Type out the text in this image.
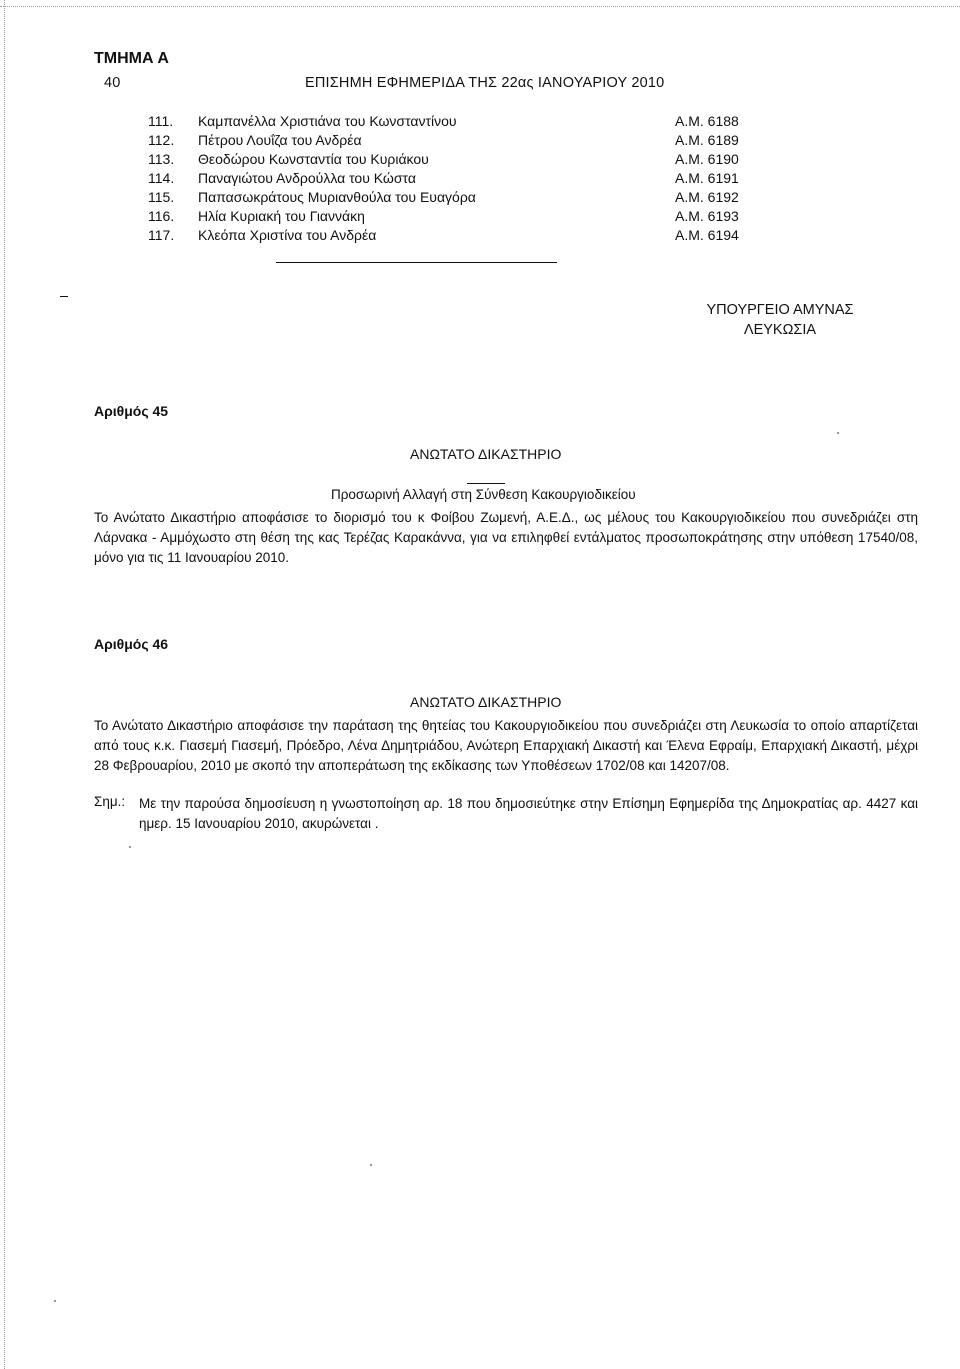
ΤΜΗΜΑ Α
40	ΕΠΙΣΗΜΗ ΕΦΗΜΕΡΙΔΑ ΤΗΣ 22ας ΙΑΝΟΥΑΡΙΟΥ 2010
111. Καμπανέλλα Χριστιάνα του Κωνσταντίνου	Α.Μ. 6188
112. Πέτρου Λουΐζα του Ανδρέα	Α.Μ. 6189
113. Θεοδώρου Κωνσταντία του Κυριάκου	Α.Μ. 6190
114. Παναγιώτου Ανδρούλλα του Κώστα	Α.Μ. 6191
115. Παπασωκράτους Μυριανθούλα του Ευαγόρα	Α.Μ. 6192
116. Ηλία Κυριακή του Γιαννάκη	Α.Μ. 6193
117. Κλεόπα Χριστίνα του Ανδρέα	Α.Μ. 6194
ΥΠΟΥΡΓΕΙΟ ΑΜΥΝΑΣ
ΛΕΥΚΩΣΙΑ
Αριθμός 45
ΑΝΩΤΑΤΟ ΔΙΚΑΣΤΗΡΙΟ
Προσωρινή Αλλαγή στη Σύνθεση Κακουργιοδικείου
Το Ανώτατο Δικαστήριο αποφάσισε το διορισμό του κ Φοίβου Ζωμενή, Α.Ε.Δ., ως μέλους του Κακουργιοδικείου που συνεδριάζει στη Λάρνακα - Αμμόχωστο στη θέση της κας Τερέζας Καρακάννα, για να επιληφθεί εντάλματος προσωποκράτησης στην υπόθεση 17540/08, μόνο για τις 11 Ιανουαρίου 2010.
Αριθμός 46
ΑΝΩΤΑΤΟ ΔΙΚΑΣΤΗΡΙΟ
Το Ανώτατο Δικαστήριο αποφάσισε την παράταση της θητείας του Κακουργιοδικείου που συνεδριάζει στη Λευκωσία το οποίο απαρτίζεται από τους κ.κ. Γιασεμή Γιασεμή, Πρόεδρο, Λένα Δημητριάδου, Ανώτερη Επαρχιακή Δικαστή και Έλενα Εφραίμ, Επαρχιακή Δικαστή, μέχρι 28 Φεβρουαρίου, 2010 με σκοπό την αποπεράτωση της εκδίκασης των Υποθέσεων 1702/08 και 14207/08.
Σημ.: Με την παρούσα δημοσίευση η γνωστοποίηση αρ. 18 που δημοσιεύτηκε στην Επίσημη Εφημερίδα της Δημοκρατίας αρ. 4427 και ημερ. 15 Ιανουαρίου 2010, ακυρώνεται .
